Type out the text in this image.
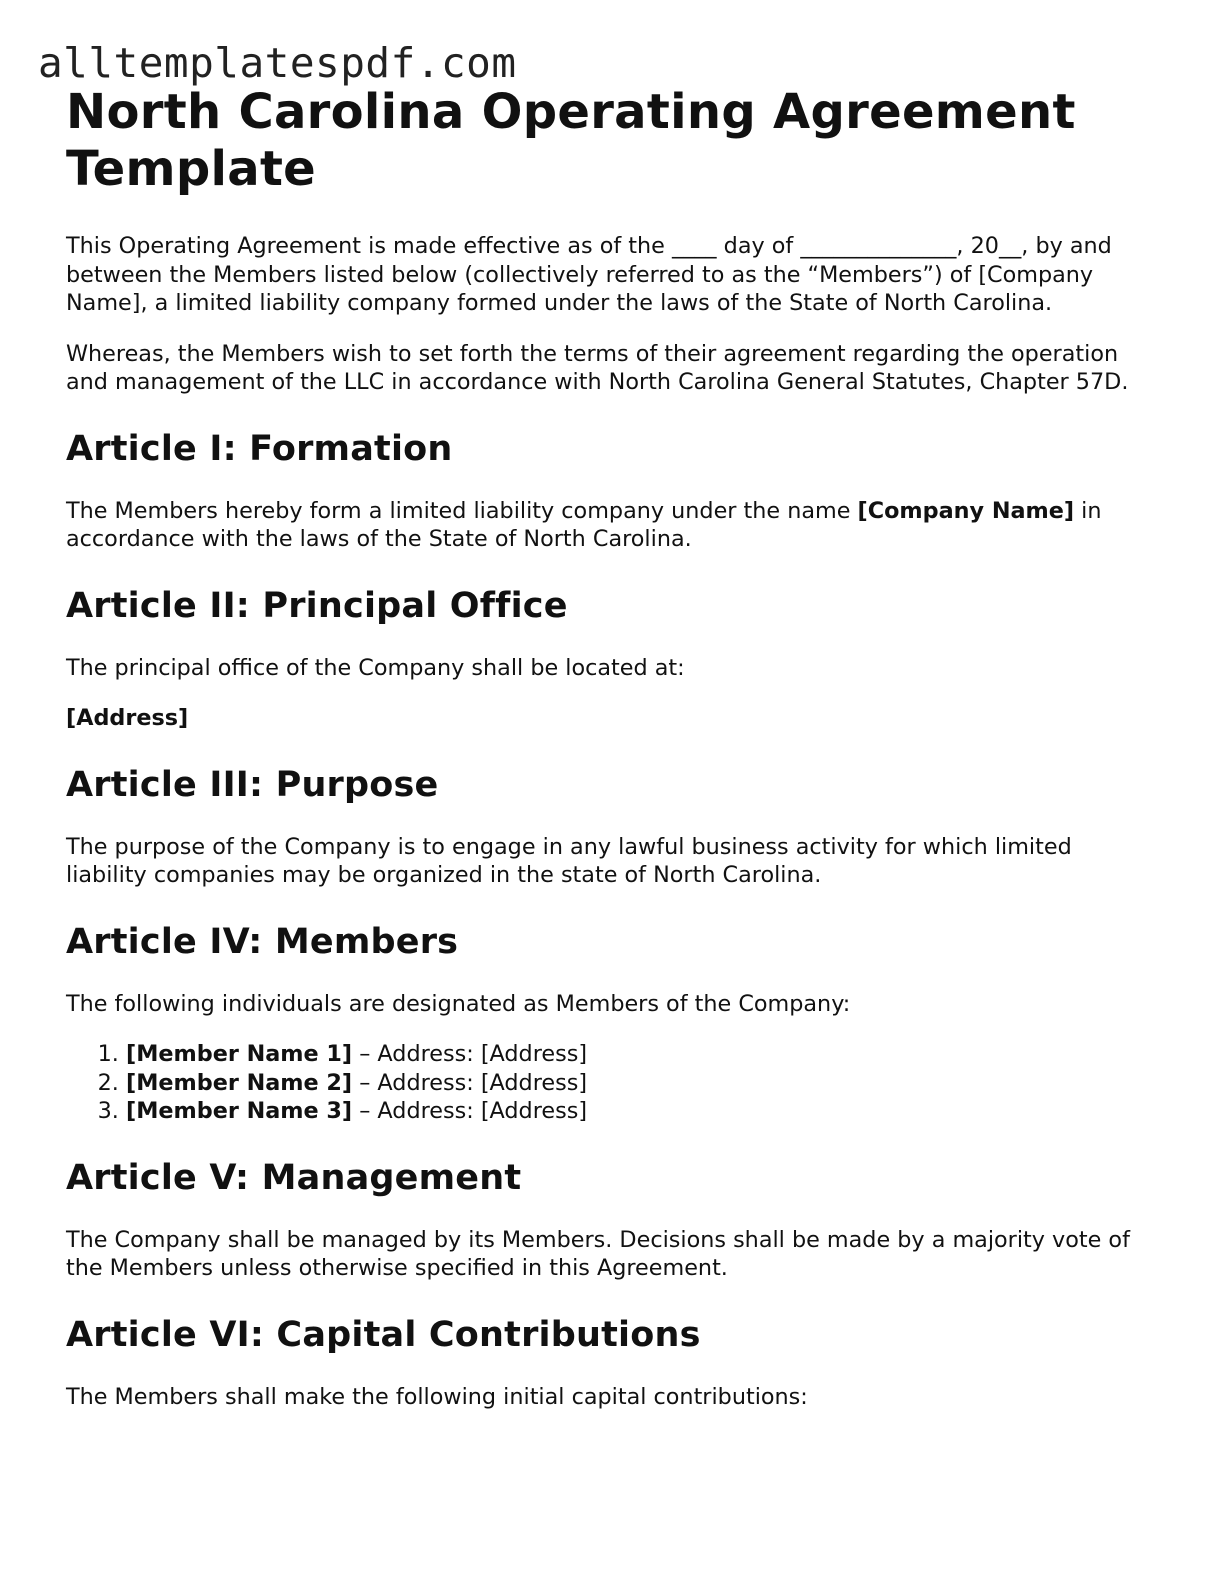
alltemplatespdf.com
North Carolina Operating Agreement Template

This Operating Agreement is made effective as of the ____ day of ______________, 20__, by and between the Members listed below (collectively referred to as the “Members”) of [Company Name], a limited liability company formed under the laws of the State of North Carolina.

Whereas, the Members wish to set forth the terms of their agreement regarding the operation and management of the LLC in accordance with North Carolina General Statutes, Chapter 57D.

Article I: Formation

The Members hereby form a limited liability company under the name [Company Name] in accordance with the laws of the State of North Carolina.

Article II: Principal Office

The principal office of the Company shall be located at:

[Address]

Article III: Purpose

The purpose of the Company is to engage in any lawful business activity for which limited liability companies may be organized in the state of North Carolina.

Article IV: Members

The following individuals are designated as Members of the Company:

1. [Member Name 1] – Address: [Address]
2. [Member Name 2] – Address: [Address]
3. [Member Name 3] – Address: [Address]
Article V: Management

The Company shall be managed by its Members. Decisions shall be made by a majority vote of the Members unless otherwise specified in this Agreement.

Article VI: Capital Contributions

The Members shall make the following initial capital contributions:
